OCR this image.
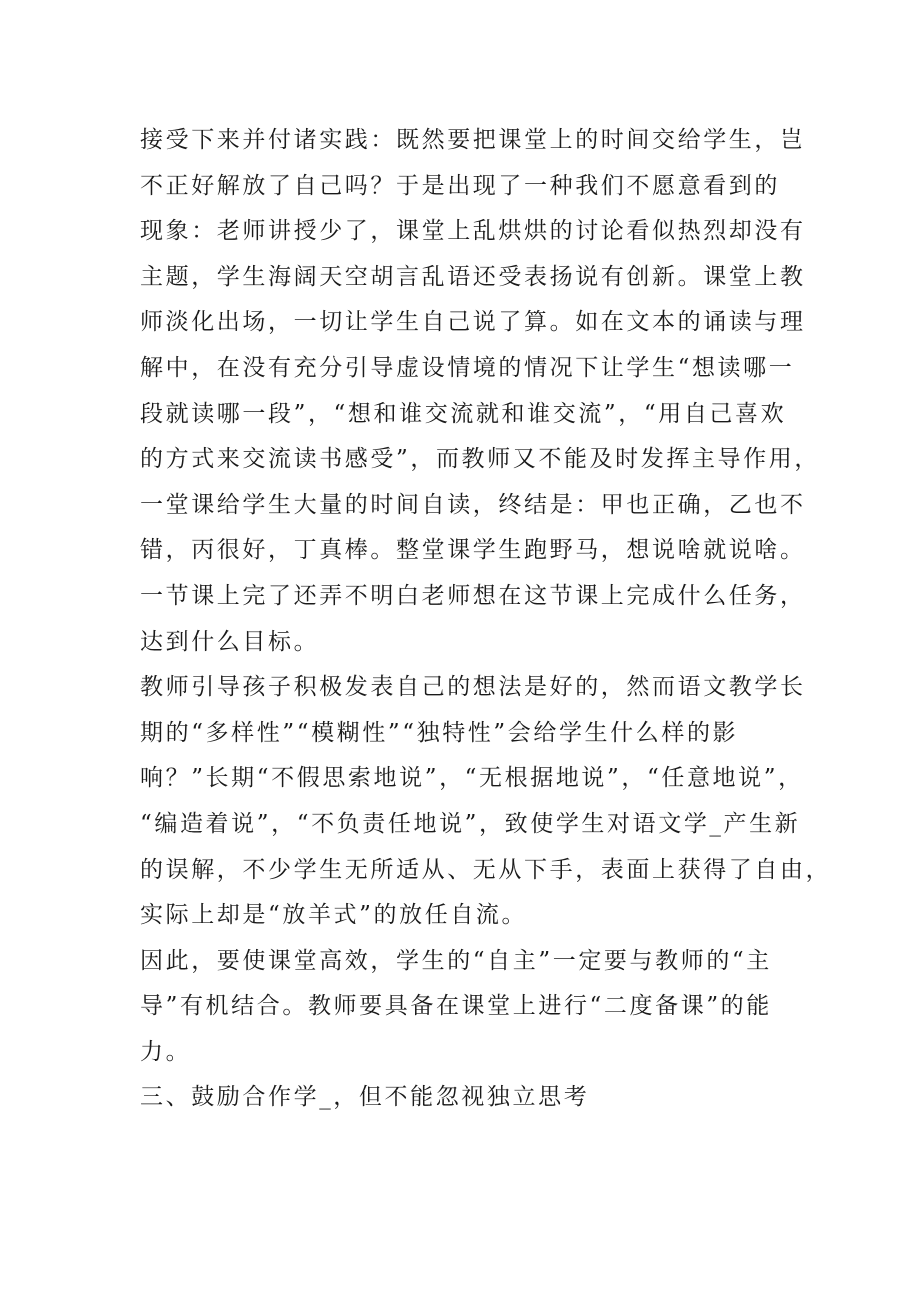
接受下来并付诸实践：既然要把课堂上的时间交给学生，岂
不正好解放了自己吗？于是出现了一种我们不愿意看到的
现象：老师讲授少了，课堂上乱烘烘的讨论看似热烈却没有
主题，学生海阔天空胡言乱语还受表扬说有创新。课堂上教
师淡化出场，一切让学生自己说了算。如在文本的诵读与理
解中，在没有充分引导虚设情境的情况下让学生“想读哪一
段就读哪一段”，“想和谁交流就和谁交流”，“用自己喜欢
的方式来交流读书感受”，而教师又不能及时发挥主导作用，
一堂课给学生大量的时间自读，终结是：甲也正确，乙也不
错，丙很好，丁真棒。整堂课学生跑野马，想说啥就说啥。
一节课上完了还弄不明白老师想在这节课上完成什么任务，
达到什么目标。
教师引导孩子积极发表自己的想法是好的，然而语文教学长
期的“多样性”“模糊性”“独特性”会给学生什么样的影
响？”长期“不假思索地说”，“无根据地说”，“任意地说”，
“编造着说”，“不负责任地说”，致使学生对语文学_产生新
的误解，不少学生无所适从、无从下手，表面上获得了自由，
实际上却是“放羊式”的放任自流。
因此，要使课堂高效，学生的“自主”一定要与教师的“主
导”有机结合。教师要具备在课堂上进行“二度备课”的能
力。
三、鼓励合作学_，但不能忽视独立思考
